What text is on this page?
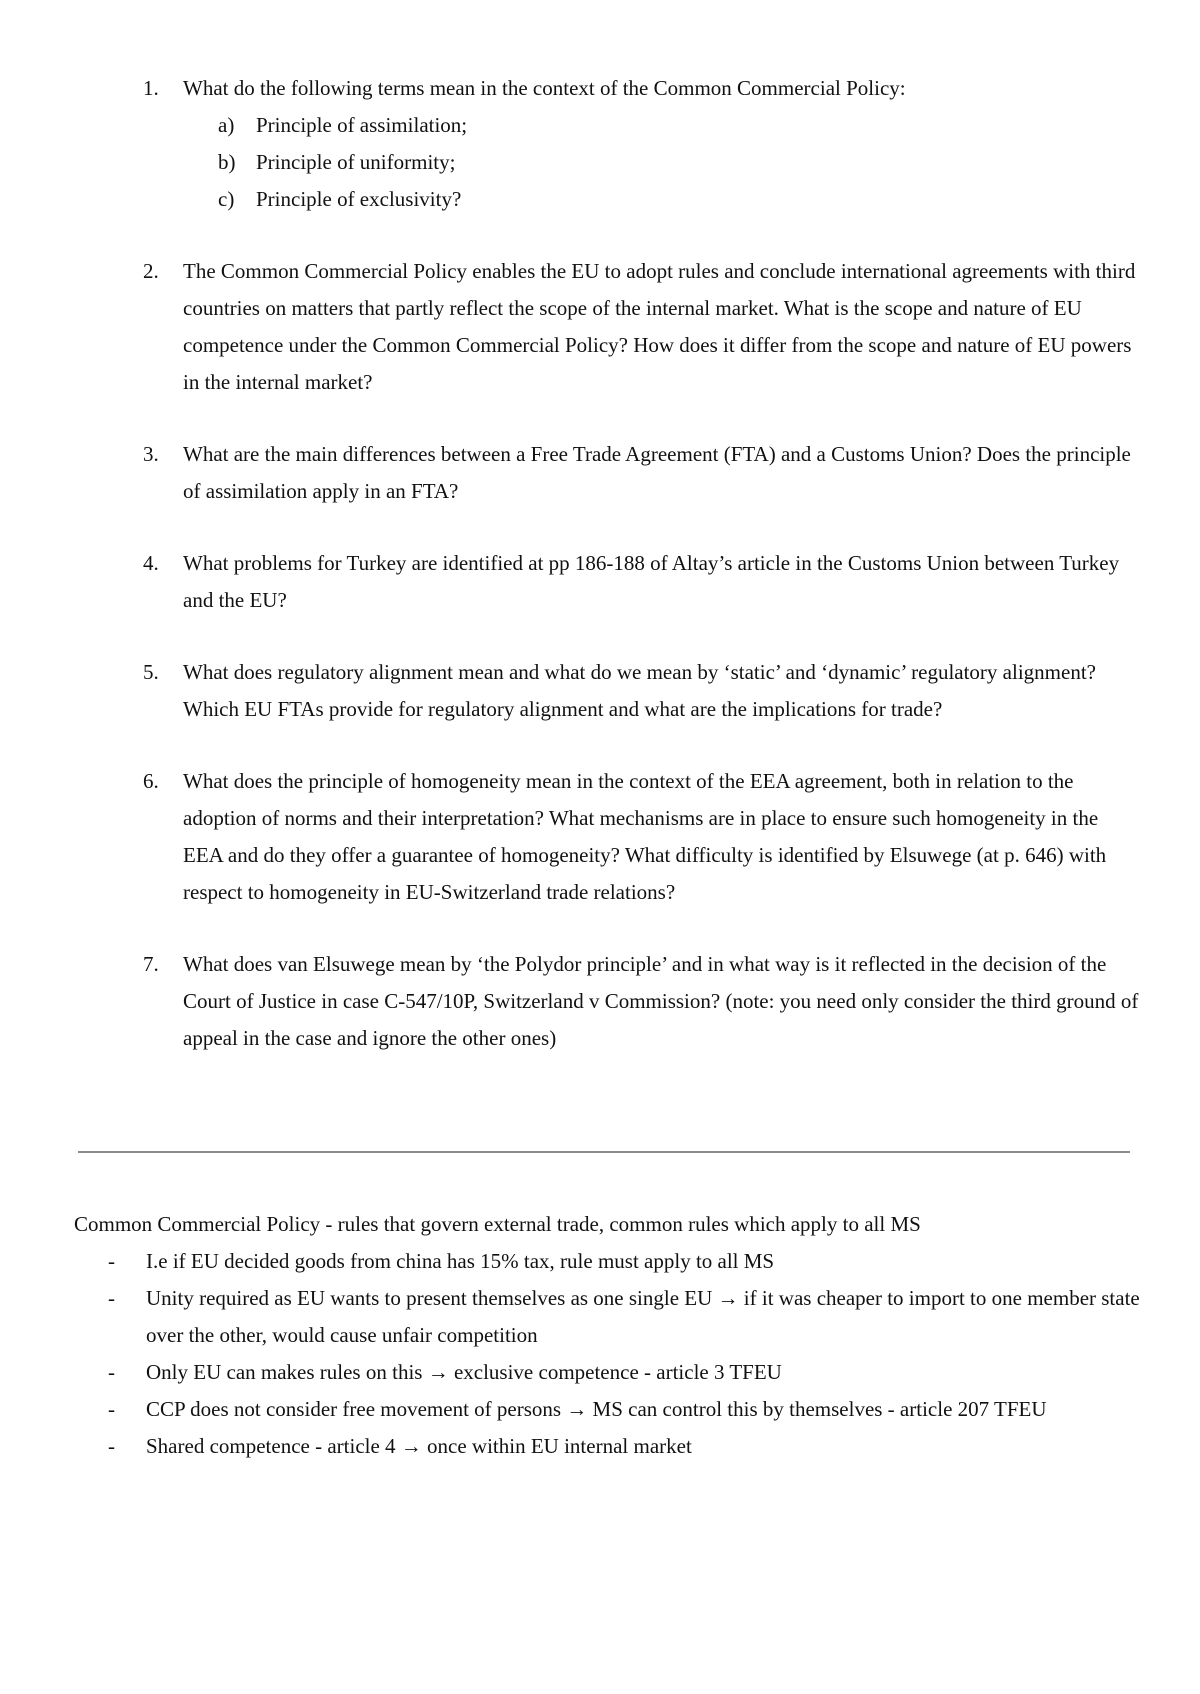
1. What do the following terms mean in the context of the Common Commercial Policy:
a) Principle of assimilation;
b) Principle of uniformity;
c) Principle of exclusivity?
2. The Common Commercial Policy enables the EU to adopt rules and conclude international agreements with third countries on matters that partly reflect the scope of the internal market. What is the scope and nature of EU competence under the Common Commercial Policy? How does it differ from the scope and nature of EU powers in the internal market?
3. What are the main differences between a Free Trade Agreement (FTA) and a Customs Union? Does the principle of assimilation apply in an FTA?
4. What problems for Turkey are identified at pp 186-188 of Altay’s article in the Customs Union between Turkey and the EU?
5. What does regulatory alignment mean and what do we mean by ‘static’ and ‘dynamic’ regulatory alignment? Which EU FTAs provide for regulatory alignment and what are the implications for trade?
6. What does the principle of homogeneity mean in the context of the EEA agreement, both in relation to the adoption of norms and their interpretation? What mechanisms are in place to ensure such homogeneity in the EEA and do they offer a guarantee of homogeneity? What difficulty is identified by Elsuwege (at p. 646) with respect to homogeneity in EU-Switzerland trade relations?
7. What does van Elsuwege mean by ‘the Polydor principle’ and in what way is it reflected in the decision of the Court of Justice in case C-547/10P, Switzerland v Commission? (note: you need only consider the third ground of appeal in the case and ignore the other ones)

Common Commercial Policy - rules that govern external trade, common rules which apply to all MS

- I.e if EU decided goods from china has 15% tax, rule must apply to all MS
- Unity required as EU wants to present themselves as one single EU → if it was cheaper to import to one member state over the other, would cause unfair competition
- Only EU can makes rules on this → exclusive competence - article 3 TFEU
- CCP does not consider free movement of persons → MS can control this by themselves - article 207 TFEU
- Shared competence - article 4 → once within EU internal market
